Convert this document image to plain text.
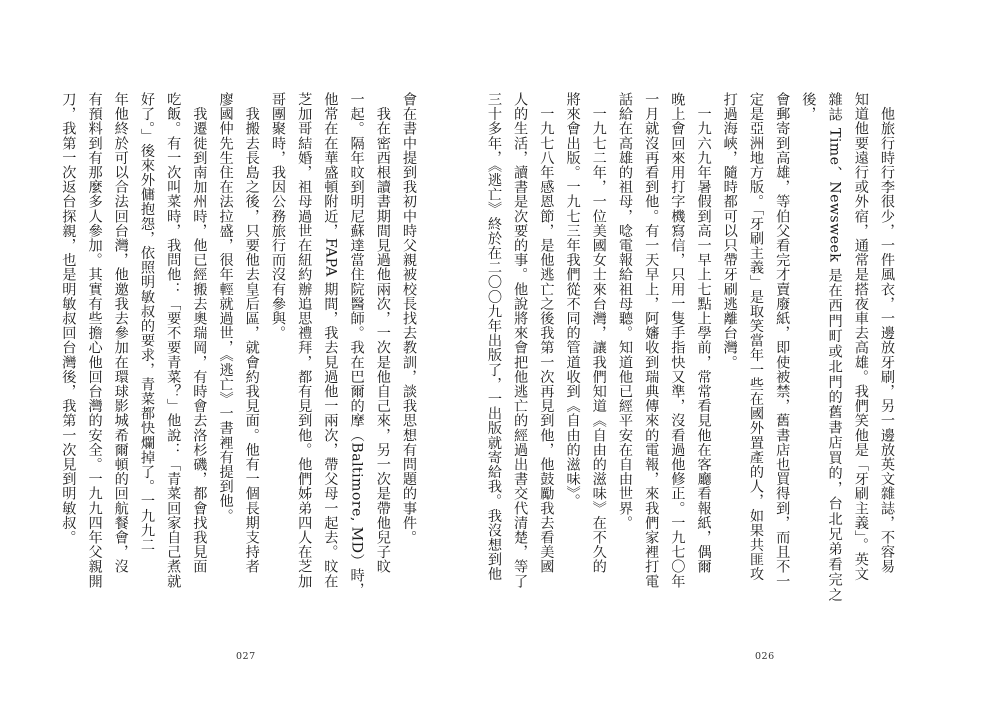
　他旅行時行李很少，一件風衣，一邊放牙刷，另一邊放英文雜誌，不容易

知道他要遠行或外宿，通常是搭夜車去高雄。我們笑他是「牙刷主義」。英文

雜誌 Time、Newsweek 是在西門町或北門的舊書店買的，台北兄弟看完之後，

會郵寄到高雄，等伯父看完才賣廢紙，即使被禁，舊書店也買得到，而且不一

定是亞洲地方版。「牙刷主義」是取笑當年一些在國外置產的人，如果共匪攻

打過海峽，隨時都可以只帶牙刷逃離台灣。

　一九六九年暑假到高一早上七點上學前，常常看見他在客廳看報紙，偶爾

晚上會回來用打字機寫信，只用一隻手指快又準，沒看過他修正。一九七〇年

一月就沒再看到他。有一天早上，阿嬸收到瑞典傳來的電報，來我們家裡打電

話給在高雄的祖母，唸電報給祖母聽。知道他已經平安在自由世界。

　一九七二年，一位美國女士來台灣，讓我們知道《自由的滋味》在不久的

將來會出版。一九七三年我們從不同的管道收到《自由的滋味》。

　一九七八年感恩節，是他逃亡之後我第一次再見到他，他鼓勵我去看美國

人的生活，讀書是次要的事。他說將來會把他逃亡的經過出書交代清楚，等了

三十多年，《逃亡》終於在二〇〇九年出版了，一出版就寄給我。我沒想到他

會在書中提到我初中時父親被校長找去教訓，談我思想有問題的事件。

　我在密西根讀書期間見過他兩次，一次是他自己來，另一次是帶他兒子旼

一起。隔年旼到明尼蘇達當住院醫師。我在巴爾的摩（Baltimore, MD）時，

他常在在華盛頓附近，FAPA 期間，我去見過他一兩次，帶父母一起去。旼在

芝加哥結婚，祖母過世在紐約辦追思禮拜，都有見到他。他們姊弟四人在芝加

哥團聚時，我因公務旅行而沒有參與。

　我搬去長島之後，只要他去皇后區，就會約我見面。他有一個長期支持者

廖國仲先生住在法拉盛，很年輕就過世，《逃亡》一書裡有提到他。

　我遷徙到南加州時，他已經搬去奧瑞岡，有時會去洛杉磯，都會找我見面

吃飯。有一次叫菜時，我問他：「要不要青菜？」他說：「青菜回家自己煮就

好了。」後來外傭抱怨，依照明敏叔的要求，青菜都快爛掉了。一九九二

年他終於可以合法回台灣，他邀我去參加在環球影城希爾頓的回航餐會，沒

有預料到有那麼多人參加。其實有些擔心他回台灣的安全。一九九四年父親開

刀，我第一次返台探親，也是明敏叔回台灣後，我第一次見到明敏叔。

026
027
